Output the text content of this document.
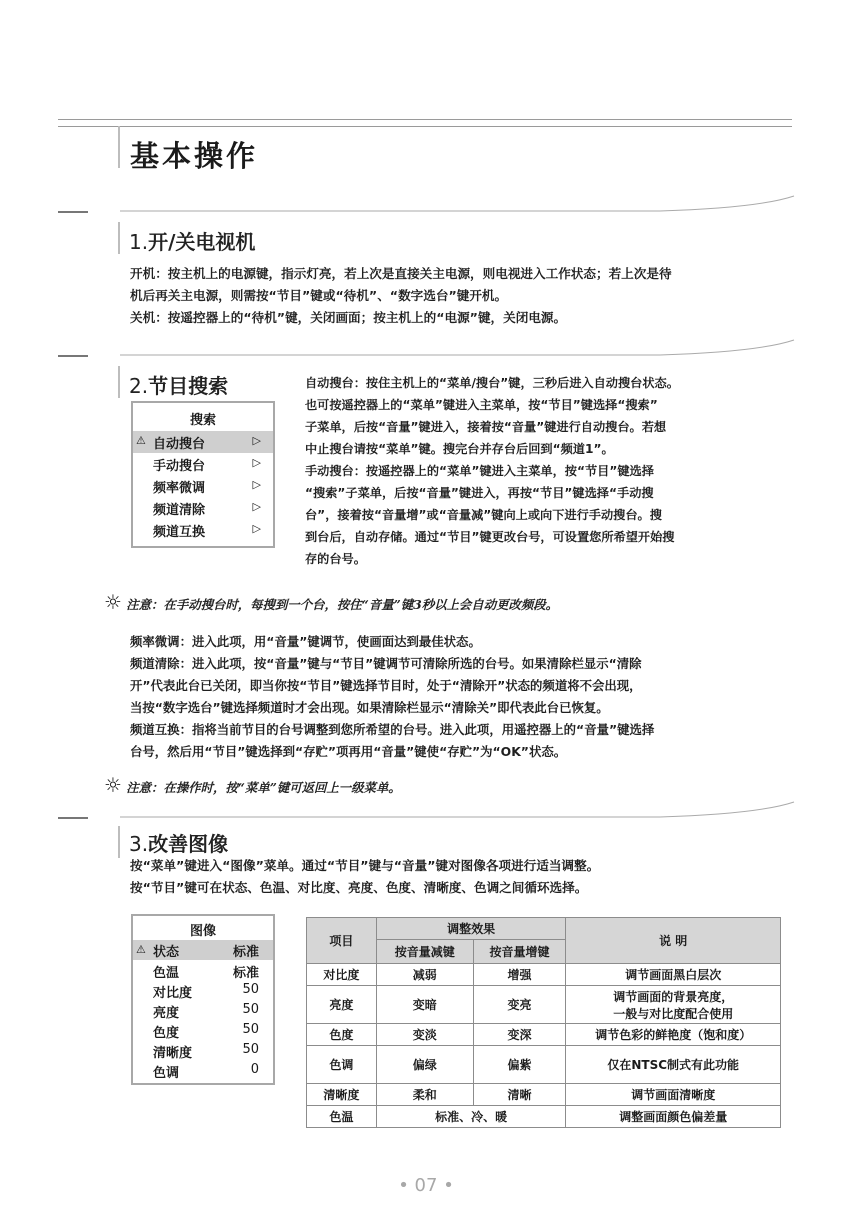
基本操作
1.开/关电视机
开机：按主机上的电源键，指示灯亮，若上次是直接关主电源，则电视进入工作状态；若上次是待
机后再关主电源，则需按“节目”键或“待机”、“数字选台”键开机。
关机：按遥控器上的“待机”键，关闭画面；按主机上的“电源”键，关闭电源。
2.节目搜索
搜索
⚠ 自动搜台	▷
手动搜台	▷
频率微调	▷
频道清除	▷
频道互换	▷
自动搜台：按住主机上的“菜单/搜台”键，三秒后进入自动搜台状态。
也可按遥控器上的“菜单”键进入主菜单，按“节目”键选择“搜索”
子菜单，后按“音量”键进入，接着按“音量”键进行自动搜台。若想
中止搜台请按“菜单”键。搜完台并存台后回到“频道1”。
手动搜台：按遥控器上的“菜单”键进入主菜单，按“节目”键选择
“搜索”子菜单，后按“音量”键进入，再按“节目”键选择“手动搜
台”，接着按“音量增”或“音量减”键向上或向下进行手动搜台。搜
到台后，自动存储。通过“节目”键更改台号，可设置您所希望开始搜
存的台号。
☼ 注意：在手动搜台时，每搜到一个台，按住“音量”键3秒以上会自动更改频段。
频率微调：进入此项，用“音量”键调节，使画面达到最佳状态。
频道清除：进入此项，按“音量”键与“节目”键调节可清除所选的台号。如果清除栏显示“清除
开”代表此台已关闭，即当你按“节目”键选择节目时，处于“清除开”状态的频道将不会出现，
当按“数字选台”键选择频道时才会出现。如果清除栏显示“清除关”即代表此台已恢复。
频道互换：指将当前节目的台号调整到您所希望的台号。进入此项，用遥控器上的“音量”键选择
台号，然后用“节目”键选择到“存贮”项再用“音量”键使“存贮”为“OK”状态。
☼ 注意：在操作时，按“菜单”键可返回上一级菜单。
3.改善图像
按“菜单”键进入“图像”菜单。通过“节目”键与“音量”键对图像各项进行适当调整。
按“节目”键可在状态、色温、对比度、亮度、色度、清晰度、色调之间循环选择。
图像
⚠ 状态	标准
色温	标准
对比度	50
亮度	50
色度	50
清晰度	50
色调	0
项目	调整效果		说 明
	按音量减键	按音量增键	
对比度	减弱	增强	调节画面黑白层次
亮度	变暗	变亮	调节画面的背景亮度，
一般与对比度配合使用

色度	变淡	变深	调节色彩的鲜艳度（饱和度）
色调	偏绿	偏紫	仅在NTSC制式有此功能
清晰度	柔和	清晰	调节画面清晰度
色温	标准、冷、暖		调整画面颜色偏差量
• 07 •
